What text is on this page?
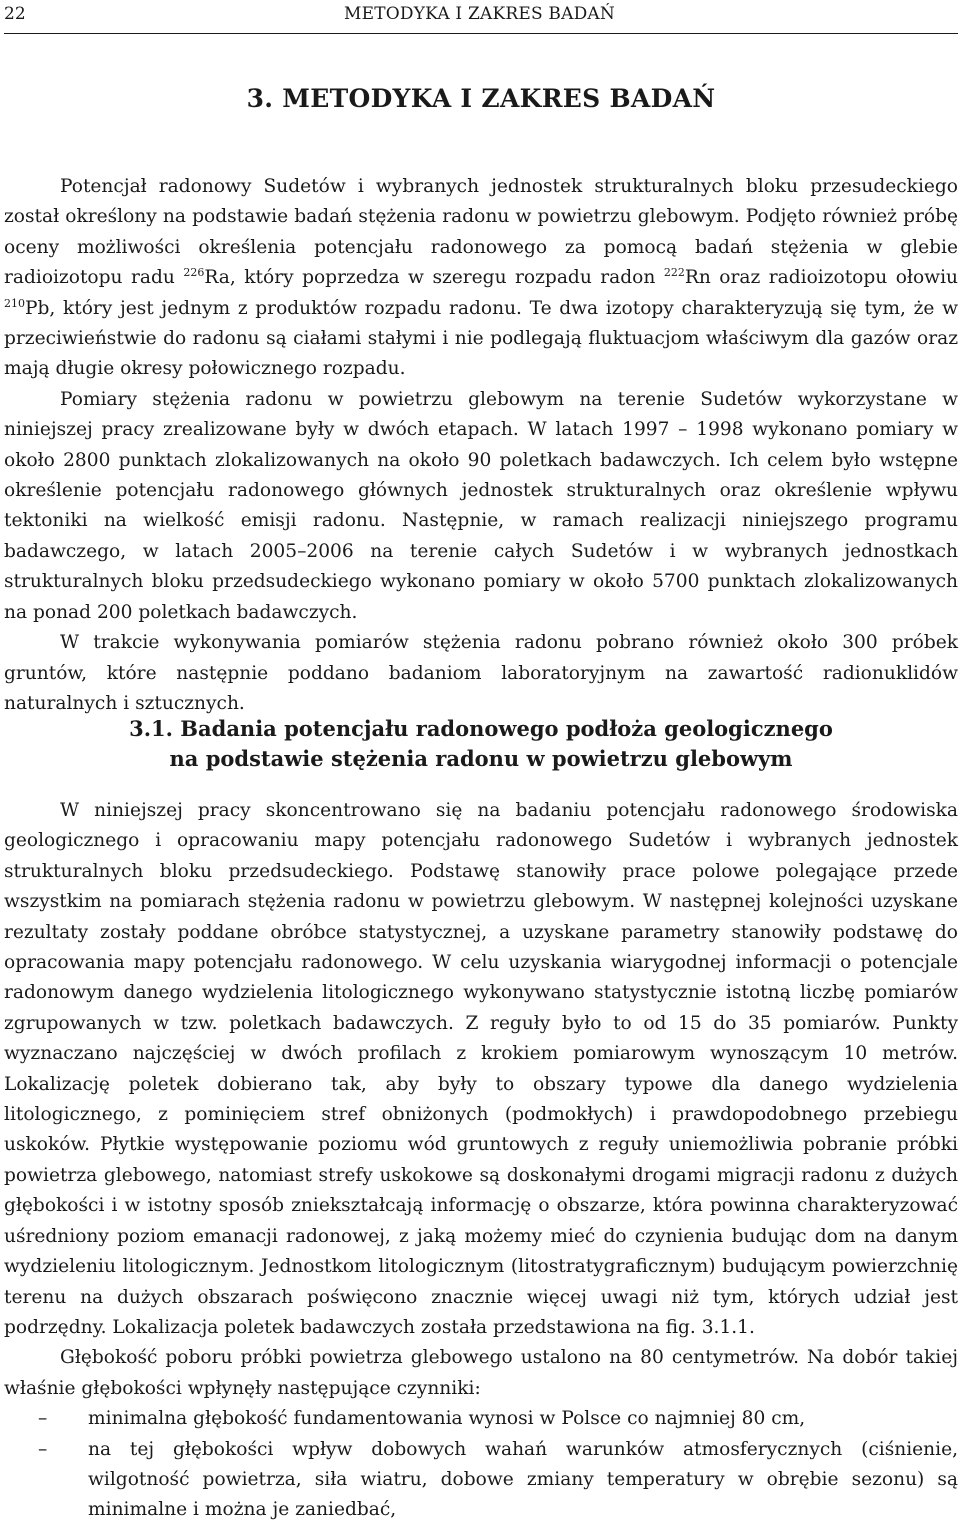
22	METODYKA I ZAKRES BADAŃ
3. METODYKA I ZAKRES BADAŃ

Potencjał radonowy Sudetów i wybranych jednostek strukturalnych bloku przesudeckiego został określony na podstawie badań stężenia radonu w powietrzu glebowym. Podjęto również próbę oceny możliwości określenia potencjału radonowego za pomocą badań stężenia w glebie radioizotopu radu $^{226}$Ra, który poprzedza w szeregu rozpadu radon $^{222}$Rn oraz radioizotopu ołowiu $^{210}$Pb, który jest jednym z produktów rozpadu radonu. Te dwa izotopy charakteryzują się tym, że w przeciwieństwie do radonu są ciałami stałymi i nie podlegają fluktuacjom właściwym dla gazów oraz mają długie okresy połowicznego rozpadu.

Pomiary stężenia radonu w powietrzu glebowym na terenie Sudetów wykorzystane w niniejszej pracy zrealizowane były w dwóch etapach. W latach 1997 – 1998 wykonano pomiary w około 2800 punktach zlokalizowanych na około 90 poletkach badawczych. Ich celem było wstępne określenie potencjału radonowego głównych jednostek strukturalnych oraz określenie wpływu tektoniki na wielkość emisji radonu. Następnie, w ramach realizacji niniejszego programu badawczego, w latach 2005–2006 na terenie całych Sudetów i w wybranych jednostkach strukturalnych bloku przedsudeckiego wykonano pomiary w około 5700 punktach zlokalizowanych na ponad 200 poletkach badawczych.

W trakcie wykonywania pomiarów stężenia radonu pobrano również około 300 próbek gruntów, które następnie poddano badaniom laboratoryjnym na zawartość radionuklidów naturalnych i sztucznych.

3.1. Badania potencjału radonowego podłoża geologicznego
na podstawie stężenia radonu w powietrzu glebowym

W niniejszej pracy skoncentrowano się na badaniu potencjału radonowego środowiska geologicznego i opracowaniu mapy potencjału radonowego Sudetów i wybranych jednostek strukturalnych bloku przedsudeckiego. Podstawę stanowiły prace polowe polegające przede wszystkim na pomiarach stężenia radonu w powietrzu glebowym. W następnej kolejności uzyskane rezultaty zostały poddane obróbce statystycznej, a uzyskane parametry stanowiły podstawę do opracowania mapy potencjału radonowego. W celu uzyskania wiarygodnej informacji o potencjale radonowym danego wydzielenia litologicznego wykonywano statystycznie istotną liczbę pomiarów zgrupowanych w tzw. poletkach badawczych. Z reguły było to od 15 do 35 pomiarów. Punkty wyznaczano najczęściej w dwóch profilach z krokiem pomiarowym wynoszącym 10 metrów. Lokalizację poletek dobierano tak, aby były to obszary typowe dla danego wydzielenia litologicznego, z pominięciem stref obniżonych (podmokłych) i prawdopodobnego przebiegu uskoków. Płytkie występowanie poziomu wód gruntowych z reguły uniemożliwia pobranie próbki powietrza glebowego, natomiast strefy uskokowe są doskonałymi drogami migracji radonu z dużych głębokości i w istotny sposób zniekształcają informację o obszarze, która powinna charakteryzować uśredniony poziom emanacji radonowej, z jaką możemy mieć do czynienia budując dom na danym wydzieleniu litologicznym. Jednostkom litologicznym (litostratygraficznym) budującym powierzchnię terenu na dużych obszarach poświęcono znacznie więcej uwagi niż tym, których udział jest podrzędny. Lokalizacja poletek badawczych została przedstawiona na fig. 3.1.1.

Głębokość poboru próbki powietrza glebowego ustalono na 80 centymetrów. Na dobór takiej właśnie głębokości wpłynęły następujące czynniki:

– minimalna głębokość fundamentowania wynosi w Polsce co najmniej 80 cm,
– na tej głębokości wpływ dobowych wahań warunków atmosferycznych (ciśnienie, wilgotność powietrza, siła wiatru, dobowe zmiany temperatury w obrębie sezonu) są minimalne i można je zaniedbać,
